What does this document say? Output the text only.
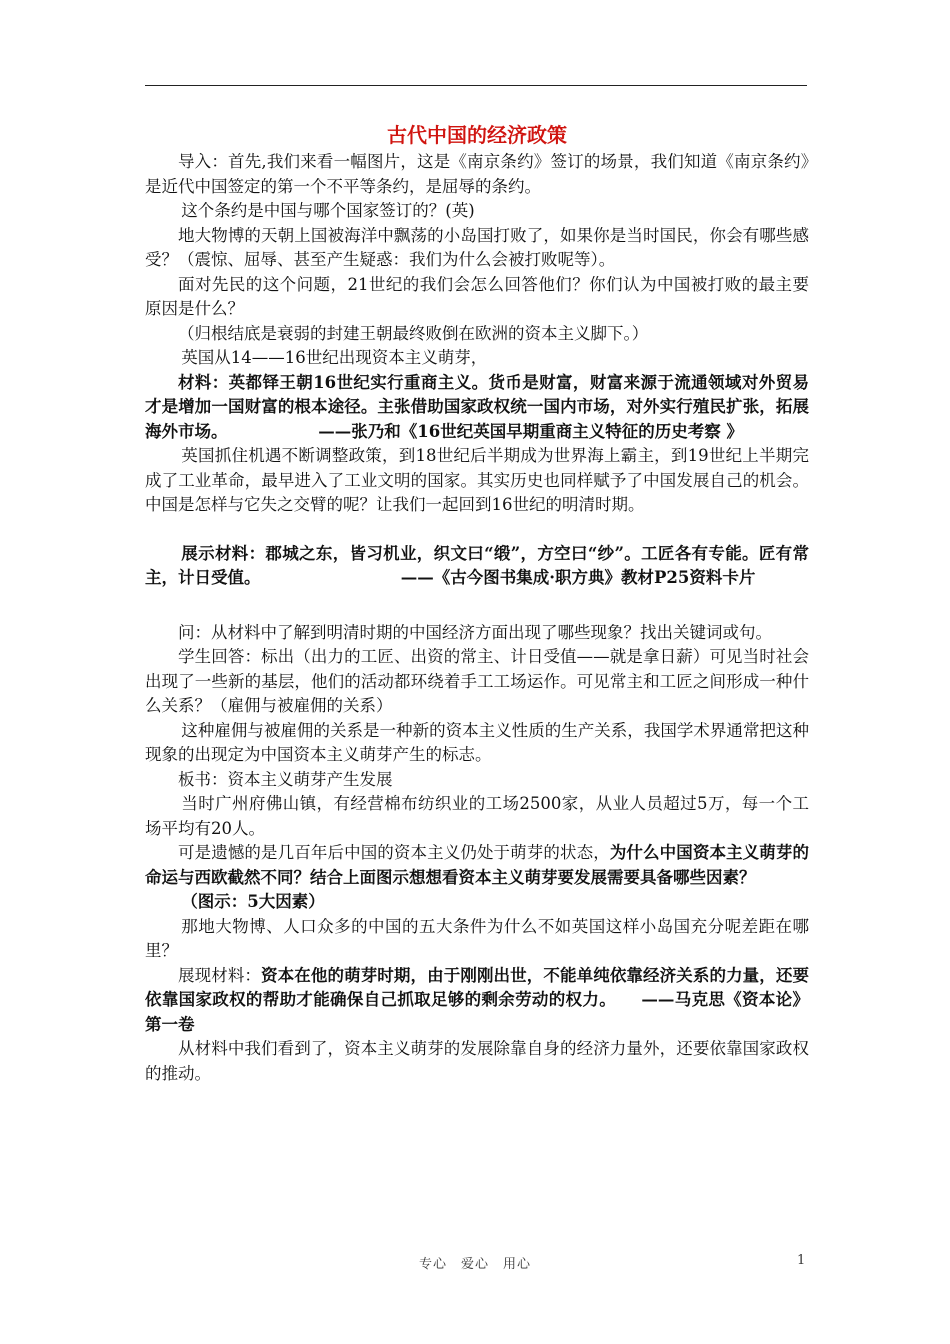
古代中国的经济政策

导入：首先,我们来看一幅图片，这是《南京条约》签订的场景，我们知道《南京条约》是近代中国签定的第一个不平等条约，是屈辱的条约。

这个条约是中国与哪个国家签订的？(英)

地大物博的天朝上国被海洋中飘荡的小岛国打败了，如果你是当时国民，你会有哪些感受？（震惊、屈辱、甚至产生疑惑：我们为什么会被打败呢等）。

面对先民的这个问题，21世纪的我们会怎么回答他们？你们认为中国被打败的最主要原因是什么？

（归根结底是衰弱的封建王朝最终败倒在欧洲的资本主义脚下。）

英国从14——16世纪出现资本主义萌芽，

材料：英都铎王朝16世纪实行重商主义。货币是财富，财富来源于流通领域对外贸易才是增加一国财富的根本途径。主张借助国家政权统一国内市场，对外实行殖民扩张，拓展海外市场。　　　　　　——张乃和《16世纪英国早期重商主义特征的历史考察 》

英国抓住机遇不断调整政策，到18世纪后半期成为世界海上霸主，到19世纪上半期完成了工业革命，最早进入了工业文明的国家。其实历史也同样赋予了中国发展自己的机会。中国是怎样与它失之交臂的呢？让我们一起回到16世纪的明清时期。

展示材料：郡城之东，皆习机业，织文曰“缎”，方空曰“纱”。工匠各有专能。匠有常主，计日受值。　　　　　　　　　——《古今图书集成·职方典》教材P25资料卡片

问：从材料中了解到明清时期的中国经济方面出现了哪些现象？找出关键词或句。

学生回答：标出（出力的工匠、出资的常主、计日受值——就是拿日薪）可见当时社会出现了一些新的基层，他们的活动都环绕着手工工场运作。可见常主和工匠之间形成一种什么关系？（雇佣与被雇佣的关系）

这种雇佣与被雇佣的关系是一种新的资本主义性质的生产关系，我国学术界通常把这种现象的出现定为中国资本主义萌芽产生的标志。

板书：资本主义萌芽产生发展

当时广州府佛山镇，有经营棉布纺织业的工场2500家，从业人员超过5万，每一个工场平均有20人。

可是遗憾的是几百年后中国的资本主义仍处于萌芽的状态，为什么中国资本主义萌芽的命运与西欧截然不同？结合上面图示想想看资本主义萌芽要发展需要具备哪些因素？

（图示：5大因素）

那地大物博、人口众多的中国的五大条件为什么不如英国这样小岛国充分呢差距在哪里？

展现材料：资本在他的萌芽时期，由于刚刚出世，不能单纯依靠经济关系的力量，还要依靠国家政权的帮助才能确保自己抓取足够的剩余劳动的权力。　　——马克思《资本论》第一卷

从材料中我们看到了，资本主义萌芽的发展除靠自身的经济力量外，还要依靠国家政权的推动。

专心　爱心　用心	1
